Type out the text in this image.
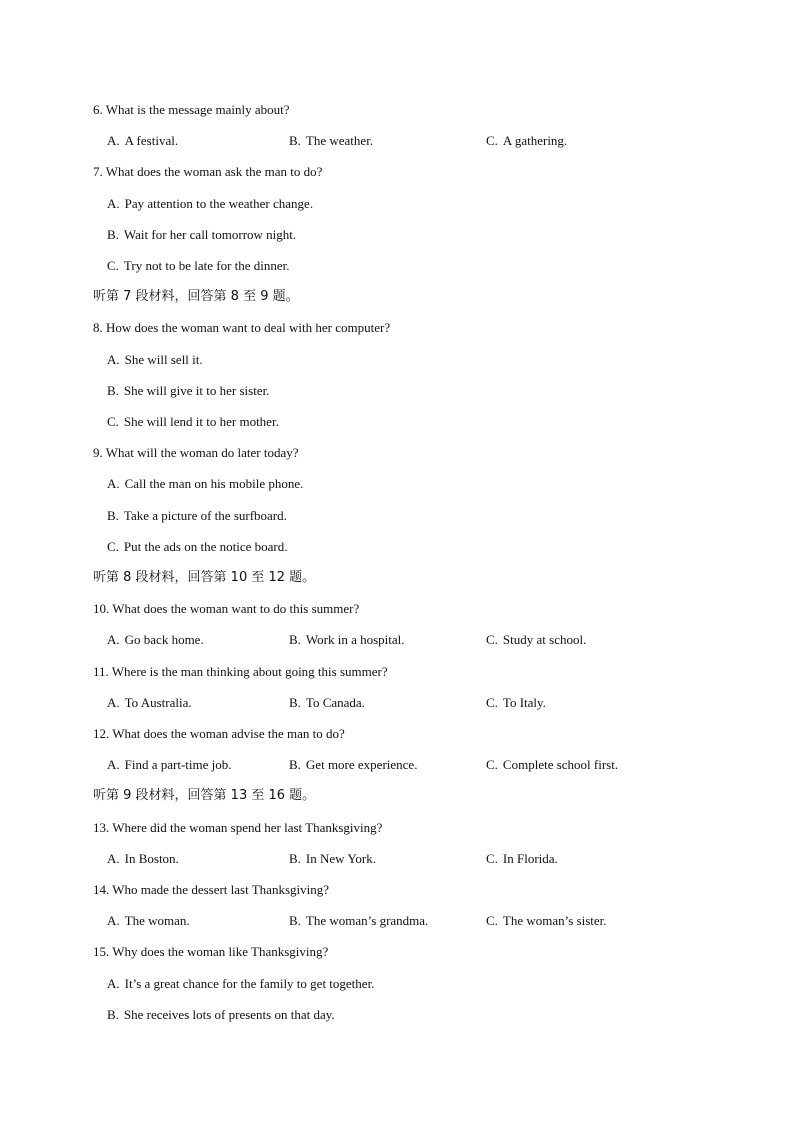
6. What is the message mainly about?
A. A festival.	B. The weather.	C. A gathering.
7. What does the woman ask the man to do?
A. Pay attention to the weather change.
B. Wait for her call tomorrow night.
C. Try not to be late for the dinner.
听第 7 段材料，回答第 8 至 9 题。
8. How does the woman want to deal with her computer?
A. She will sell it.
B. She will give it to her sister.
C. She will lend it to her mother.
9. What will the woman do later today?
A. Call the man on his mobile phone.
B. Take a picture of the surfboard.
C. Put the ads on the notice board.
听第 8 段材料，回答第 10 至 12 题。
10. What does the woman want to do this summer?
A. Go back home.	B. Work in a hospital.	C. Study at school.
11. Where is the man thinking about going this summer?
A. To Australia.	B. To Canada.	C. To Italy.
12. What does the woman advise the man to do?
A. Find a part-time job.	B. Get more experience.	C. Complete school first.
听第 9 段材料，回答第 13 至 16 题。
13. Where did the woman spend her last Thanksgiving?
A. In Boston.	B. In New York.	C. In Florida.
14. Who made the dessert last Thanksgiving?
A. The woman.	B. The woman’s grandma.	C. The woman’s sister.
15. Why does the woman like Thanksgiving?
A. It’s a great chance for the family to get together.
B. She receives lots of presents on that day.
